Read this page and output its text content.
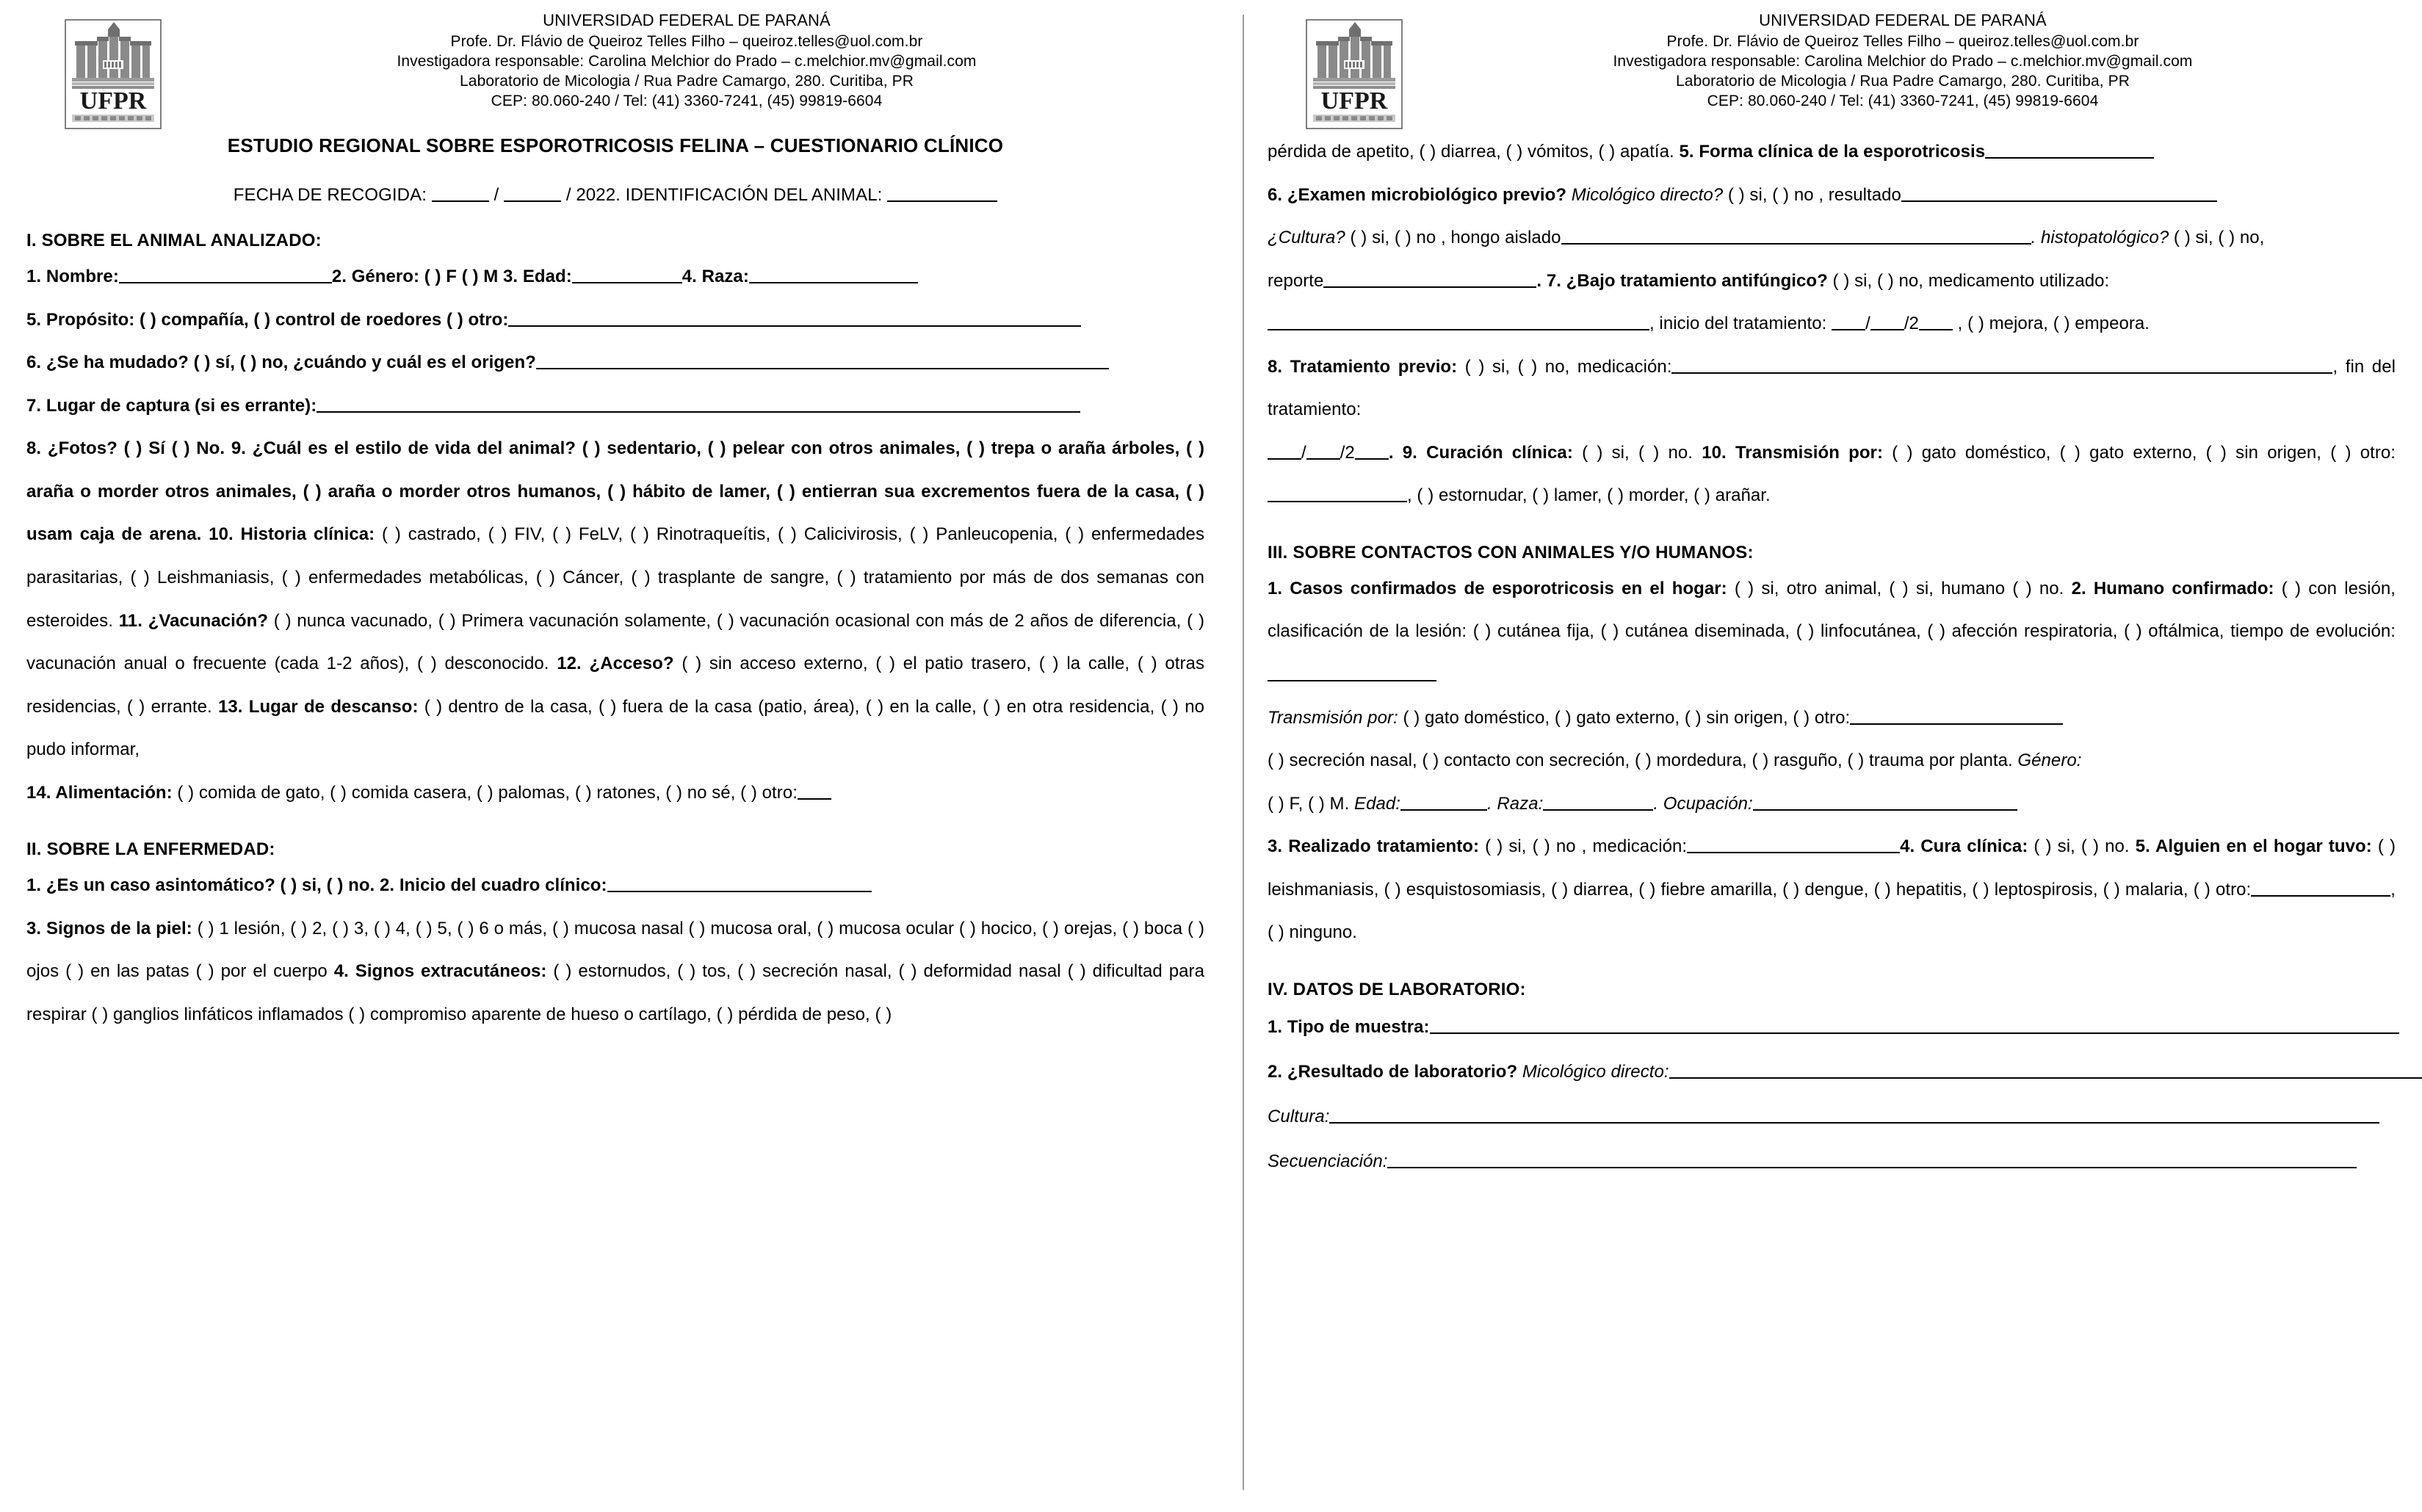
UFPR
UNIVERSIDAD FEDERAL DE PARANÁ
Profe. Dr. Flávio de Queiroz Telles Filho – queiroz.telles@uol.com.br
Investigadora responsable: Carolina Melchior do Prado – c.melchior.mv@gmail.com
Laboratorio de Micologia / Rua Padre Camargo, 280. Curitiba, PR
CEP: 80.060-240 / Tel: (41) 3360-7241, (45) 99819-6604
ESTUDIO REGIONAL SOBRE ESPOROTRICOSIS FELINA – CUESTIONARIO CLÍNICO
FECHA DE RECOGIDA:	/	/ 2022. IDENTIFICACIÓN DEL ANIMAL:
I. SOBRE EL ANIMAL ANALIZADO:
1. Nombre:	2. Género: ( ) F ( ) M 3. Edad:	4. Raza:
5. Propósito: ( ) compañía, ( ) control de roedores ( ) otro:
6. ¿Se ha mudado? ( ) sí, ( ) no, ¿cuándo y cuál es el origen?
7. Lugar de captura (si es errante):
8. ¿Fotos? ( ) Sí ( ) No. 9. ¿Cuál es el estilo de vida del animal? ( ) sedentario, ( ) pelear con otros animales, ( ) trepa o araña árboles, ( ) araña o morder otros animales, ( ) araña o morder otros humanos, ( ) hábito de lamer, ( ) entierran sua excrementos fuera de la casa, ( ) usam caja de arena. 10. Historia clínica: ( ) castrado, ( ) FIV, ( ) FeLV, ( ) Rinotraqueítis, ( ) Calicivirosis, ( ) Panleucopenia, ( ) enfermedades parasitarias, ( ) Leishmaniasis, ( ) enfermedades metabólicas, ( ) Cáncer, ( ) trasplante de sangre, ( ) tratamiento por más de dos semanas con esteroides. 11. ¿Vacunación? ( ) nunca vacunado, ( ) Primera vacunación solamente, ( ) vacunación ocasional con más de 2 años de diferencia, ( ) vacunación anual o frecuente (cada 1-2 años), ( ) desconocido. 12. ¿Acceso? ( ) sin acceso externo, ( ) el patio trasero, ( ) la calle, ( ) otras residencias, ( ) errante. 13. Lugar de descanso: ( ) dentro de la casa, ( ) fuera de la casa (patio, área), ( ) en la calle, ( ) en otra residencia, ( ) no pudo informar,
14. Alimentación: ( ) comida de gato, ( ) comida casera, ( ) palomas, ( ) ratones, ( ) no sé, ( ) otro:
II. SOBRE LA ENFERMEDAD:
1. ¿Es un caso asintomático? ( ) si, ( ) no. 2. Inicio del cuadro clínico:
3. Signos de la piel: ( ) 1 lesión, ( ) 2, ( ) 3, ( ) 4, ( ) 5, ( ) 6 o más, ( ) mucosa nasal ( ) mucosa oral, ( ) mucosa ocular ( ) hocico, ( ) orejas, ( ) boca ( ) ojos ( ) en las patas ( ) por el cuerpo 4. Signos extracutáneos: ( ) estornudos, ( ) tos, ( ) secreción nasal, ( ) deformidad nasal ( ) dificultad para respirar ( ) ganglios linfáticos inflamados ( ) compromiso aparente de hueso o cartílago, ( ) pérdida de peso, ( )
UFPR
UNIVERSIDAD FEDERAL DE PARANÁ
Profe. Dr. Flávio de Queiroz Telles Filho – queiroz.telles@uol.com.br
Investigadora responsable: Carolina Melchior do Prado – c.melchior.mv@gmail.com
Laboratorio de Micologia / Rua Padre Camargo, 280. Curitiba, PR
CEP: 80.060-240 / Tel: (41) 3360-7241, (45) 99819-6604
pérdida de apetito, ( ) diarrea, ( ) vómitos, ( ) apatía. 5. Forma clínica de la esporotricosis
6. ¿Examen microbiológico previo? Micológico directo? ( ) si, ( ) no , resultado
¿Cultura? ( ) si, ( ) no , hongo aislado	. histopatológico? ( ) si, ( ) no,
reporte	. 7. ¿Bajo tratamiento antifúngico? ( ) si, ( ) no, medicamento utilizado:
, inicio del tratamiento: / /2 , ( ) mejora, ( ) empeora.
8. Tratamiento previo: ( ) si, ( ) no, medicación:	, fin del tratamiento:
/ /2 . 9. Curación clínica: ( ) si, ( ) no. 10. Transmisión por: ( ) gato doméstico, ( ) gato externo, ( ) sin origen, ( ) otro:, ( ) estornudar, ( ) lamer, ( ) morder, ( ) arañar.
III. SOBRE CONTACTOS CON ANIMALES Y/O HUMANOS:
1. Casos confirmados de esporotricosis en el hogar: ( ) si, otro animal, ( ) si, humano ( ) no. 2. Humano confirmado: ( ) con lesión, clasificación de la lesión: ( ) cutánea fija, ( ) cutánea diseminada, ( ) linfocutánea, ( ) afección respiratoria, ( ) oftálmica, tiempo de evolución:
Transmisión por: ( ) gato doméstico, ( ) gato externo, ( ) sin origen, ( ) otro:
( ) secreción nasal, ( ) contacto con secreción, ( ) mordedura, ( ) rasguño, ( ) trauma por planta. Género:
( ) F, ( ) M. Edad:	. Raza:	. Ocupación:
3. Realizado tratamiento: ( ) si, ( ) no , medicación:	4. Cura clínica: ( ) si, ( ) no. 5. Alguien en el hogar tuvo: ( ) leishmaniasis, ( ) esquistosomiasis, ( ) diarrea, ( ) fiebre amarilla, ( ) dengue, ( ) hepatitis, ( ) leptospirosis, ( ) malaria, ( ) otro:	, ( ) ninguno.
IV. DATOS DE LABORATORIO:
1. Tipo de muestra:
2. ¿Resultado de laboratorio? Micológico directo:
Cultura:
Secuenciación:
